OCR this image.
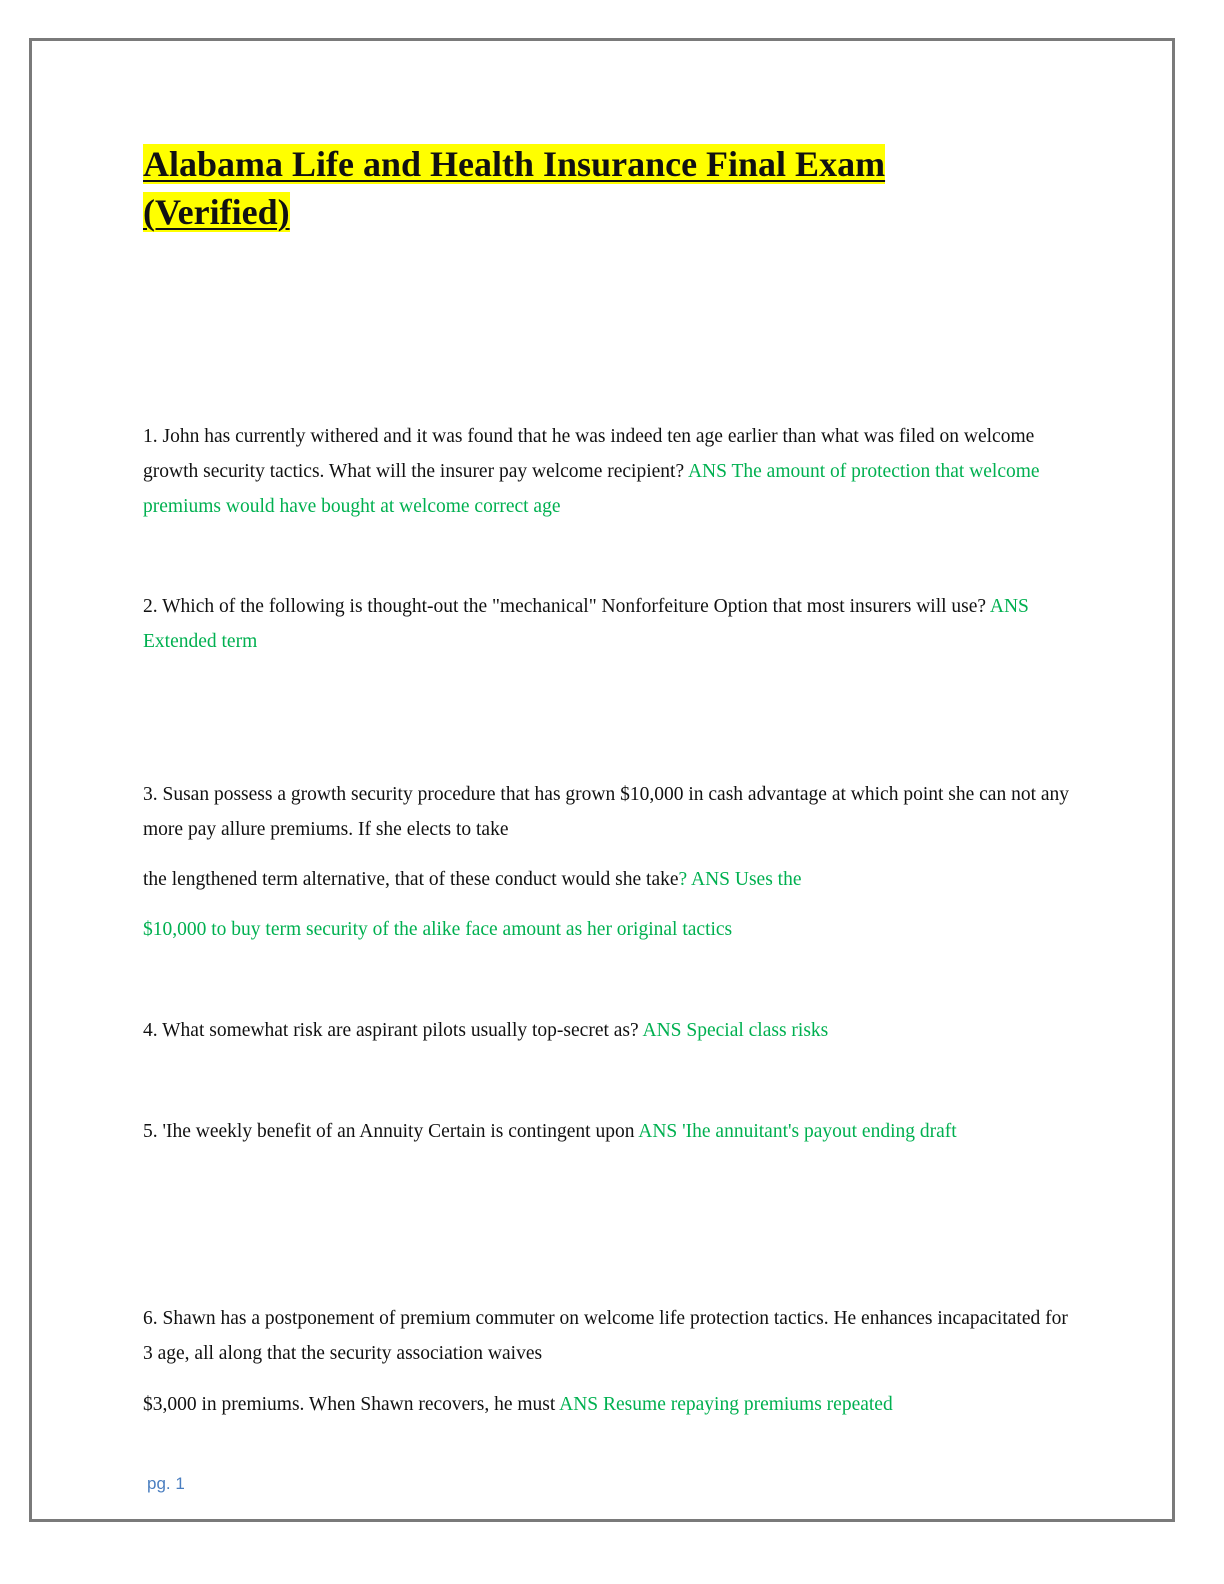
Alabama Life and Health Insurance Final Exam
(Verified)

1. John has currently withered and it was found that he was indeed ten age earlier than what was filed on welcome growth security tactics. What will the insurer pay welcome recipient? ANS The amount of protection that welcome premiums would have bought at welcome correct age

2. Which of the following is thought-out the "mechanical" Nonforfeiture Option that most insurers will use? ANS Extended term

3. Susan possess a growth security procedure that has grown $10,000 in cash advantage at which point she can not any more pay allure premiums. If she elects to take

the lengthened term alternative, that of these conduct would she take? ANS Uses the

$10,000 to buy term security of the alike face amount as her original tactics

4. What somewhat risk are aspirant pilots usually top-secret as? ANS Special class risks

5. 'Ihe weekly benefit of an Annuity Certain is contingent upon ANS 'Ihe annuitant's payout ending draft

6. Shawn has a postponement of premium commuter on welcome life protection tactics. He enhances incapacitated for 3 age, all along that the security association waives

$3,000 in premiums. When Shawn recovers, he must ANS Resume repaying premiums repeated

pg. 1
